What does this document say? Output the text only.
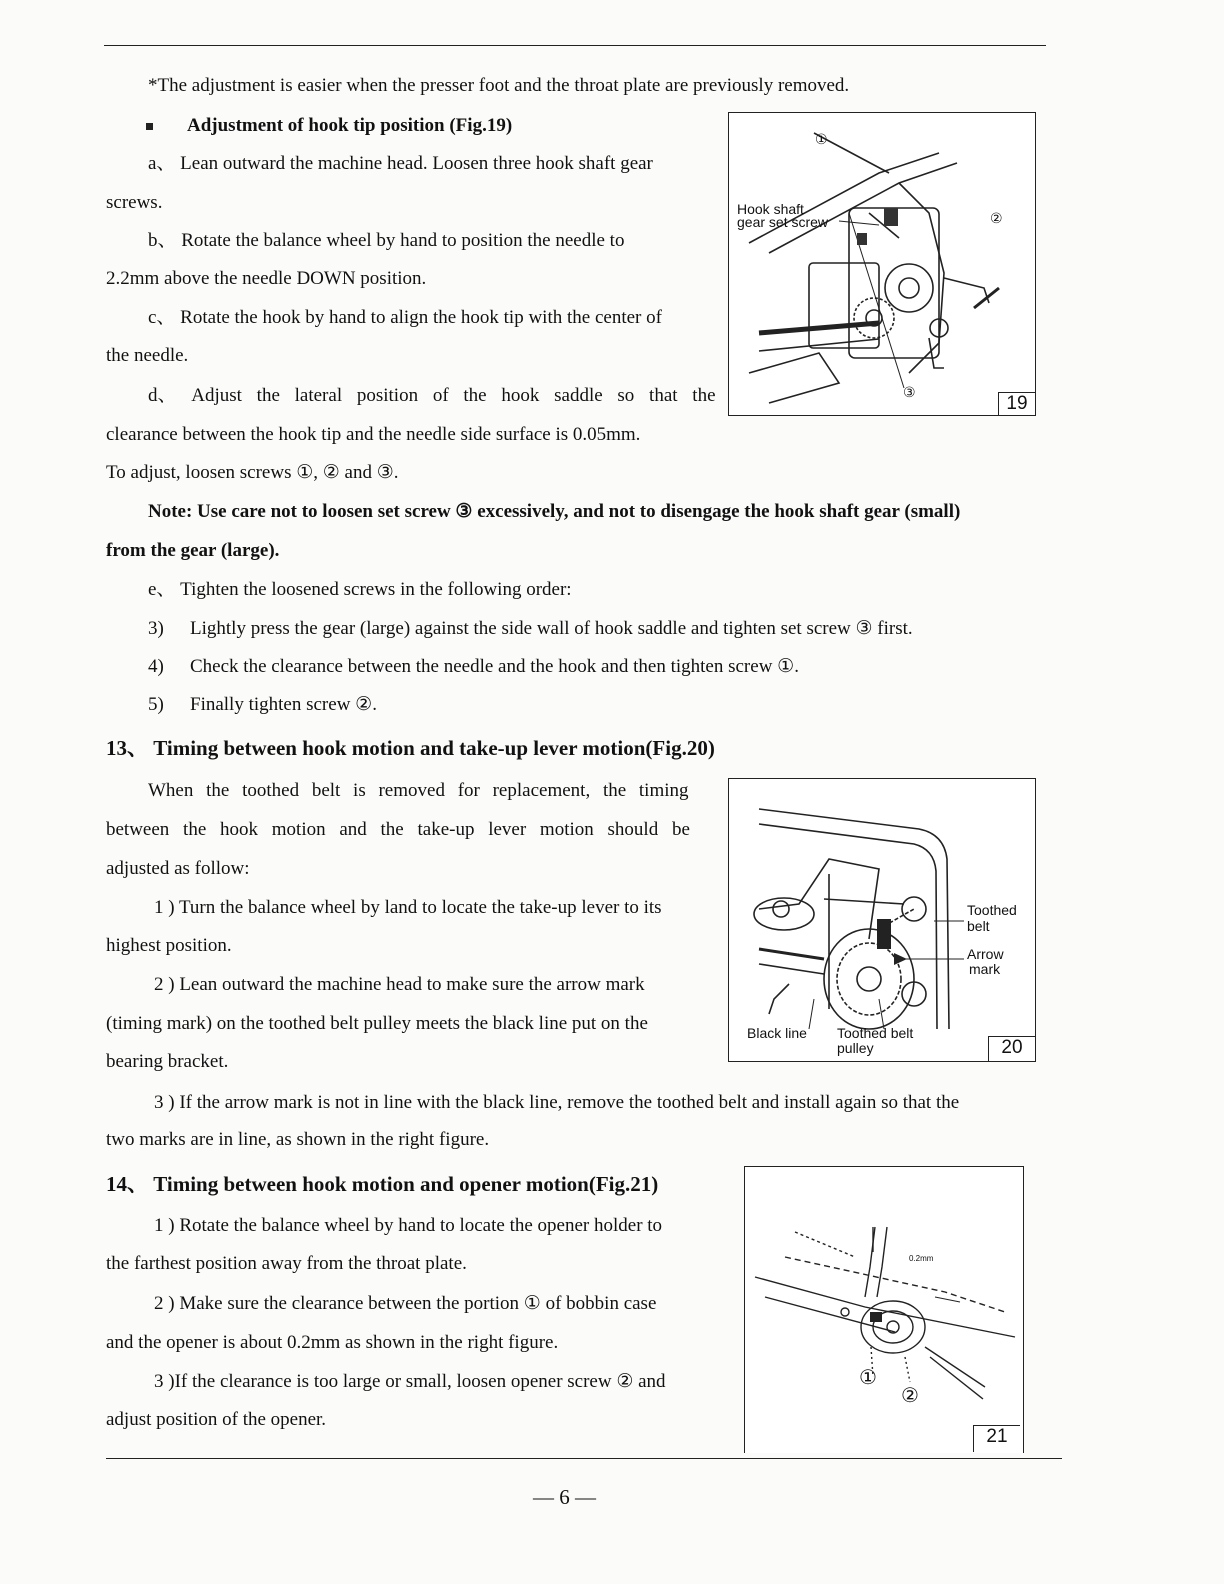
*The adjustment is easier when the presser foot and the throat plate are previously removed.
Adjustment of hook tip position (Fig.19)
a、 Lean outward the machine head. Loosen three hook shaft gear
screws.
b、 Rotate the balance wheel by hand to position the needle to
2.2mm above the needle DOWN position.
c、 Rotate the hook by hand to align the hook tip with the center of
the needle.
d、 Adjust the lateral position of the hook saddle so that the
clearance between the hook tip and the needle side surface is 0.05mm.
To adjust, loosen screws ①, ② and ③.
Note: Use care not to loosen set screw ③ excessively, and not to disengage the hook shaft gear (small)
from the gear (large).
e、 Tighten the loosened screws in the following order:
3) Lightly press the gear (large) against the side wall of hook saddle and tighten set screw ③ first.
4) Check the clearance between the needle and the hook and then tighten screw ①.
5) Finally tighten screw ②.
①
②
③
Hook shaft
gear set screw
19
13、 Timing between hook motion and take-up lever motion(Fig.20)
When the toothed belt is removed for replacement, the timing
between the hook motion and the take-up lever motion should be
adjusted as follow:
1 ) Turn the balance wheel by land to locate the take-up lever to its
highest position.
2 ) Lean outward the machine head to make sure the arrow mark
(timing mark) on the toothed belt pulley meets the black line put on the
bearing bracket.
3 ) If the arrow mark is not in line with the black line, remove the toothed belt and install again so that the
two marks are in line, as shown in the right figure.
Toothed
belt
Arrow
mark
Black line Toothed belt
pulley	20
14、 Timing between hook motion and opener motion(Fig.21)
1 ) Rotate the balance wheel by hand to locate the opener holder to
the farthest position away from the throat plate.
2 ) Make sure the clearance between the portion ① of bobbin case
and the opener is about 0.2mm as shown in the right figure.
3 )If the clearance is too large or small, loosen opener screw ② and
adjust position of the opener.
0.2mm
①
②
21
— 6 —
